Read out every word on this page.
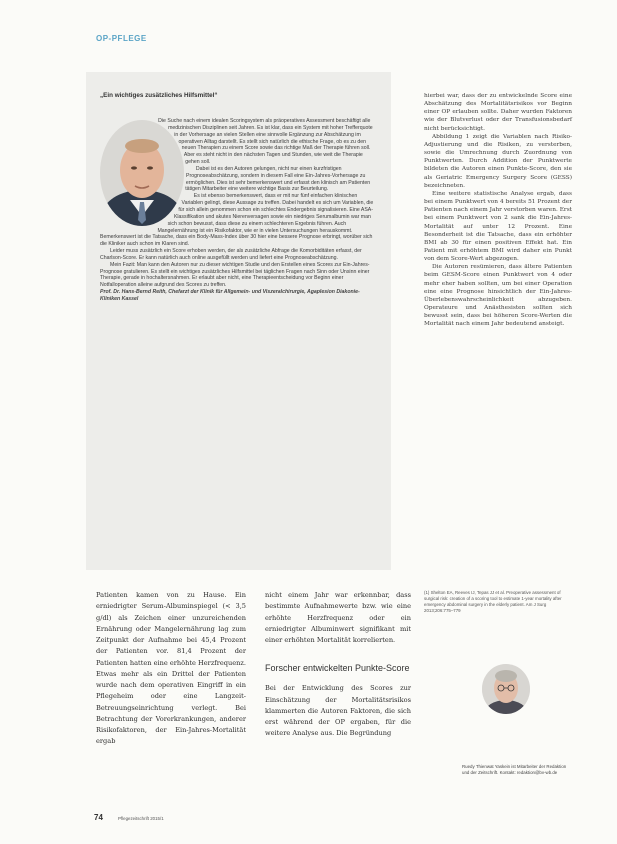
OP-PFLEGE
„Ein wichtiges zusätzliches Hilfsmittel“

Die Suche nach einem idealen Scoringsystem als präoperatives Assessment beschäftigt alle medizinischen Disziplinen seit Jahren. Es ist klar, dass ein System mit hoher Trefferquote in der Vorhersage an vielen Stellen eine sinnvolle Ergänzung zur Abschätzung im operativen Alltag darstellt. Es stellt sich natürlich die ethische Frage, ob es zu den neuen Therapien zu einem Score sowie das richtige Maß der Therapie führen soll. Aber es steht nicht in den nächsten Tagen und Stunden, wie weit die Therapie gehen soll.

Dabei ist es den Autoren gelungen, nicht nur einen kurzfristigen Prognoseabschätzung, sondern in diesem Fall eine Ein-Jahres-Vorhersage zu ermöglichen. Dies ist sehr bemerkenswert und erfasst den klinisch am Patienten tätigen Mitarbeiter eine weitere wichtige Basis zur Beurteilung.

Es ist ebenso bemerkenswert, dass er mit nur fünf einfachen klinischen Variablen gelingt, diese Aussage zu treffen. Dabei handelt es sich um Variablen, die für sich allein genommen schon ein schlechtes Endergebnis signalisieren. Eine ASA-Klassifikation und akutes Nierenversagen sowie ein niedriges Serumalbumin war man sich schon bewusst, dass diese zu einem schlechteren Ergebnis führen. Auch Mangelernährung ist ein Risikofaktor, wie er in vielen Untersuchungen herauskommt. Bemerkenswert ist die Tatsache, dass ein Body-Mass-Index über 30 hier eine bessere Prognose erbringt, worüber sich die Kliniker auch schon im Klaren sind.

Leider muss zusätzlich ein Score erhoben werden, der als zusätzliche Abfrage die Komorbiditäten erfasst, der Charlson-Score. Er kann natürlich auch online ausgefüllt werden und liefert eine Prognoseabschätzung.

Mein Fazit: Man kann den Autoren nur zu dieser wichtigen Studie und den Erstellen eines Scores zur Ein-Jahres-Prognose gratulieren. Es stellt ein wichtiges zusätzliches Hilfsmittel bei täglichen Fragen nach Sinn oder Unsinn einer Therapie, gerade in hochaltersnahmen. Er erlaubt aber nicht, eine Therapieentscheidung vor Beginn einer Notfalloperation alleine aufgrund des Scores zu treffen.

Prof. Dr. Hans-Bernd Reith, Chefarzt der Klinik für Allgemein- und Viszeralchirurgie, Agaplesion Diakonie-Kliniken Kassel

hierbei war, dass der zu entwickelnde Score eine Abschätzung des Mortalitätsrisikos vor Beginn einer OP erlauben sollte. Daher wurden Faktoren wie der Blutverlust oder der Transfusionsbedarf nicht berücksichtigt.

Abbildung 1 zeigt die Variablen nach Risiko-Adjustierung und die Risiken, zu versterben, sowie die Umrechnung durch Zuordnung von Punktwerten. Durch Addition der Punktwerte bildeten die Autoren einen Punkte-Score, den sie als Geriatric Emergency Surgery Score (GESS) bezeichneten.

Eine weitere statistische Analyse ergab, dass bei einem Punktwert von 4 bereits 51 Prozent der Patienten nach einem Jahr verstorben waren. Erst bei einem Punktwert von 2 sank die Ein-Jahres-Mortalität auf unter 12 Prozent. Eine Besonderheit ist die Tatsache, dass ein erhöhter BMI ab 30 für einen positiven Effekt hat. Ein Patient mit erhöhtem BMI wird daher ein Punkt von dem Score-Wert abgezogen.

Die Autoren resümieren, dass ältere Patienten beim GESM-Score einen Punktwert von 4 oder mehr eher haben sollten, um bei einer Operation eine eine Prognose hinsichtlich der Ein-Jahres-Überlebenswahrscheinlichkeit abzugeben. Operateure und Anästhesisten sollten sich bewusst sein, dass bei höheren Score-Werten die Mortalität nach einem Jahr bedeutend ansteigt.

Patienten kamen von zu Hause. Ein erniedrigter Serum-Albuminspiegel (< 3,5 g/dl) als Zeichen einer unzureichenden Ernährung oder Mangelernährung lag zum Zeitpunkt der Aufnahme bei 45,4 Prozent der Patienten vor. 81,4 Prozent der Patienten hatten eine erhöhte Herzfrequenz. Etwas mehr als ein Drittel der Patienten wurde nach dem operativen Eingriff in ein Pflegeheim oder eine Langzeit-Betreuungseinrichtung verlegt. Bei Betrachtung der Vorerkrankungen, anderer Risikofaktoren, der Ein-Jahres-Mortalität ergab

nicht einem Jahr war erkennbar, dass bestimmte Aufnahmewerte bzw. wie eine erhöhte Herzfrequenz oder ein erniedrigter Albuminwert signifikant mit einer erhöhten Mortalität korrelierten.

Forscher entwickelten Punkte-Score

Bei der Entwicklung des Scores zur Einschätzung der Mortalitätsrisikos klammerten die Autoren Faktoren, die sich erst während der OP ergaben, für die weitere Analyse aus. Die Begründung

(1) Shelton EA, Reeves IJ, Tepas JJ et al. Preoperative assessment of surgical risk: creation of a scoring tool to estimate 1-year mortality after emergency abdominal surgery in the elderly patient. Am J Surg 2013;206:775–779

Ruedy Thienwat Yaskein ist Mitarbeiter der Redaktion und der Zeitschrift. Kontakt: redaktion@bv-wb.de

74	Pflegezeitschrift 2015/1
